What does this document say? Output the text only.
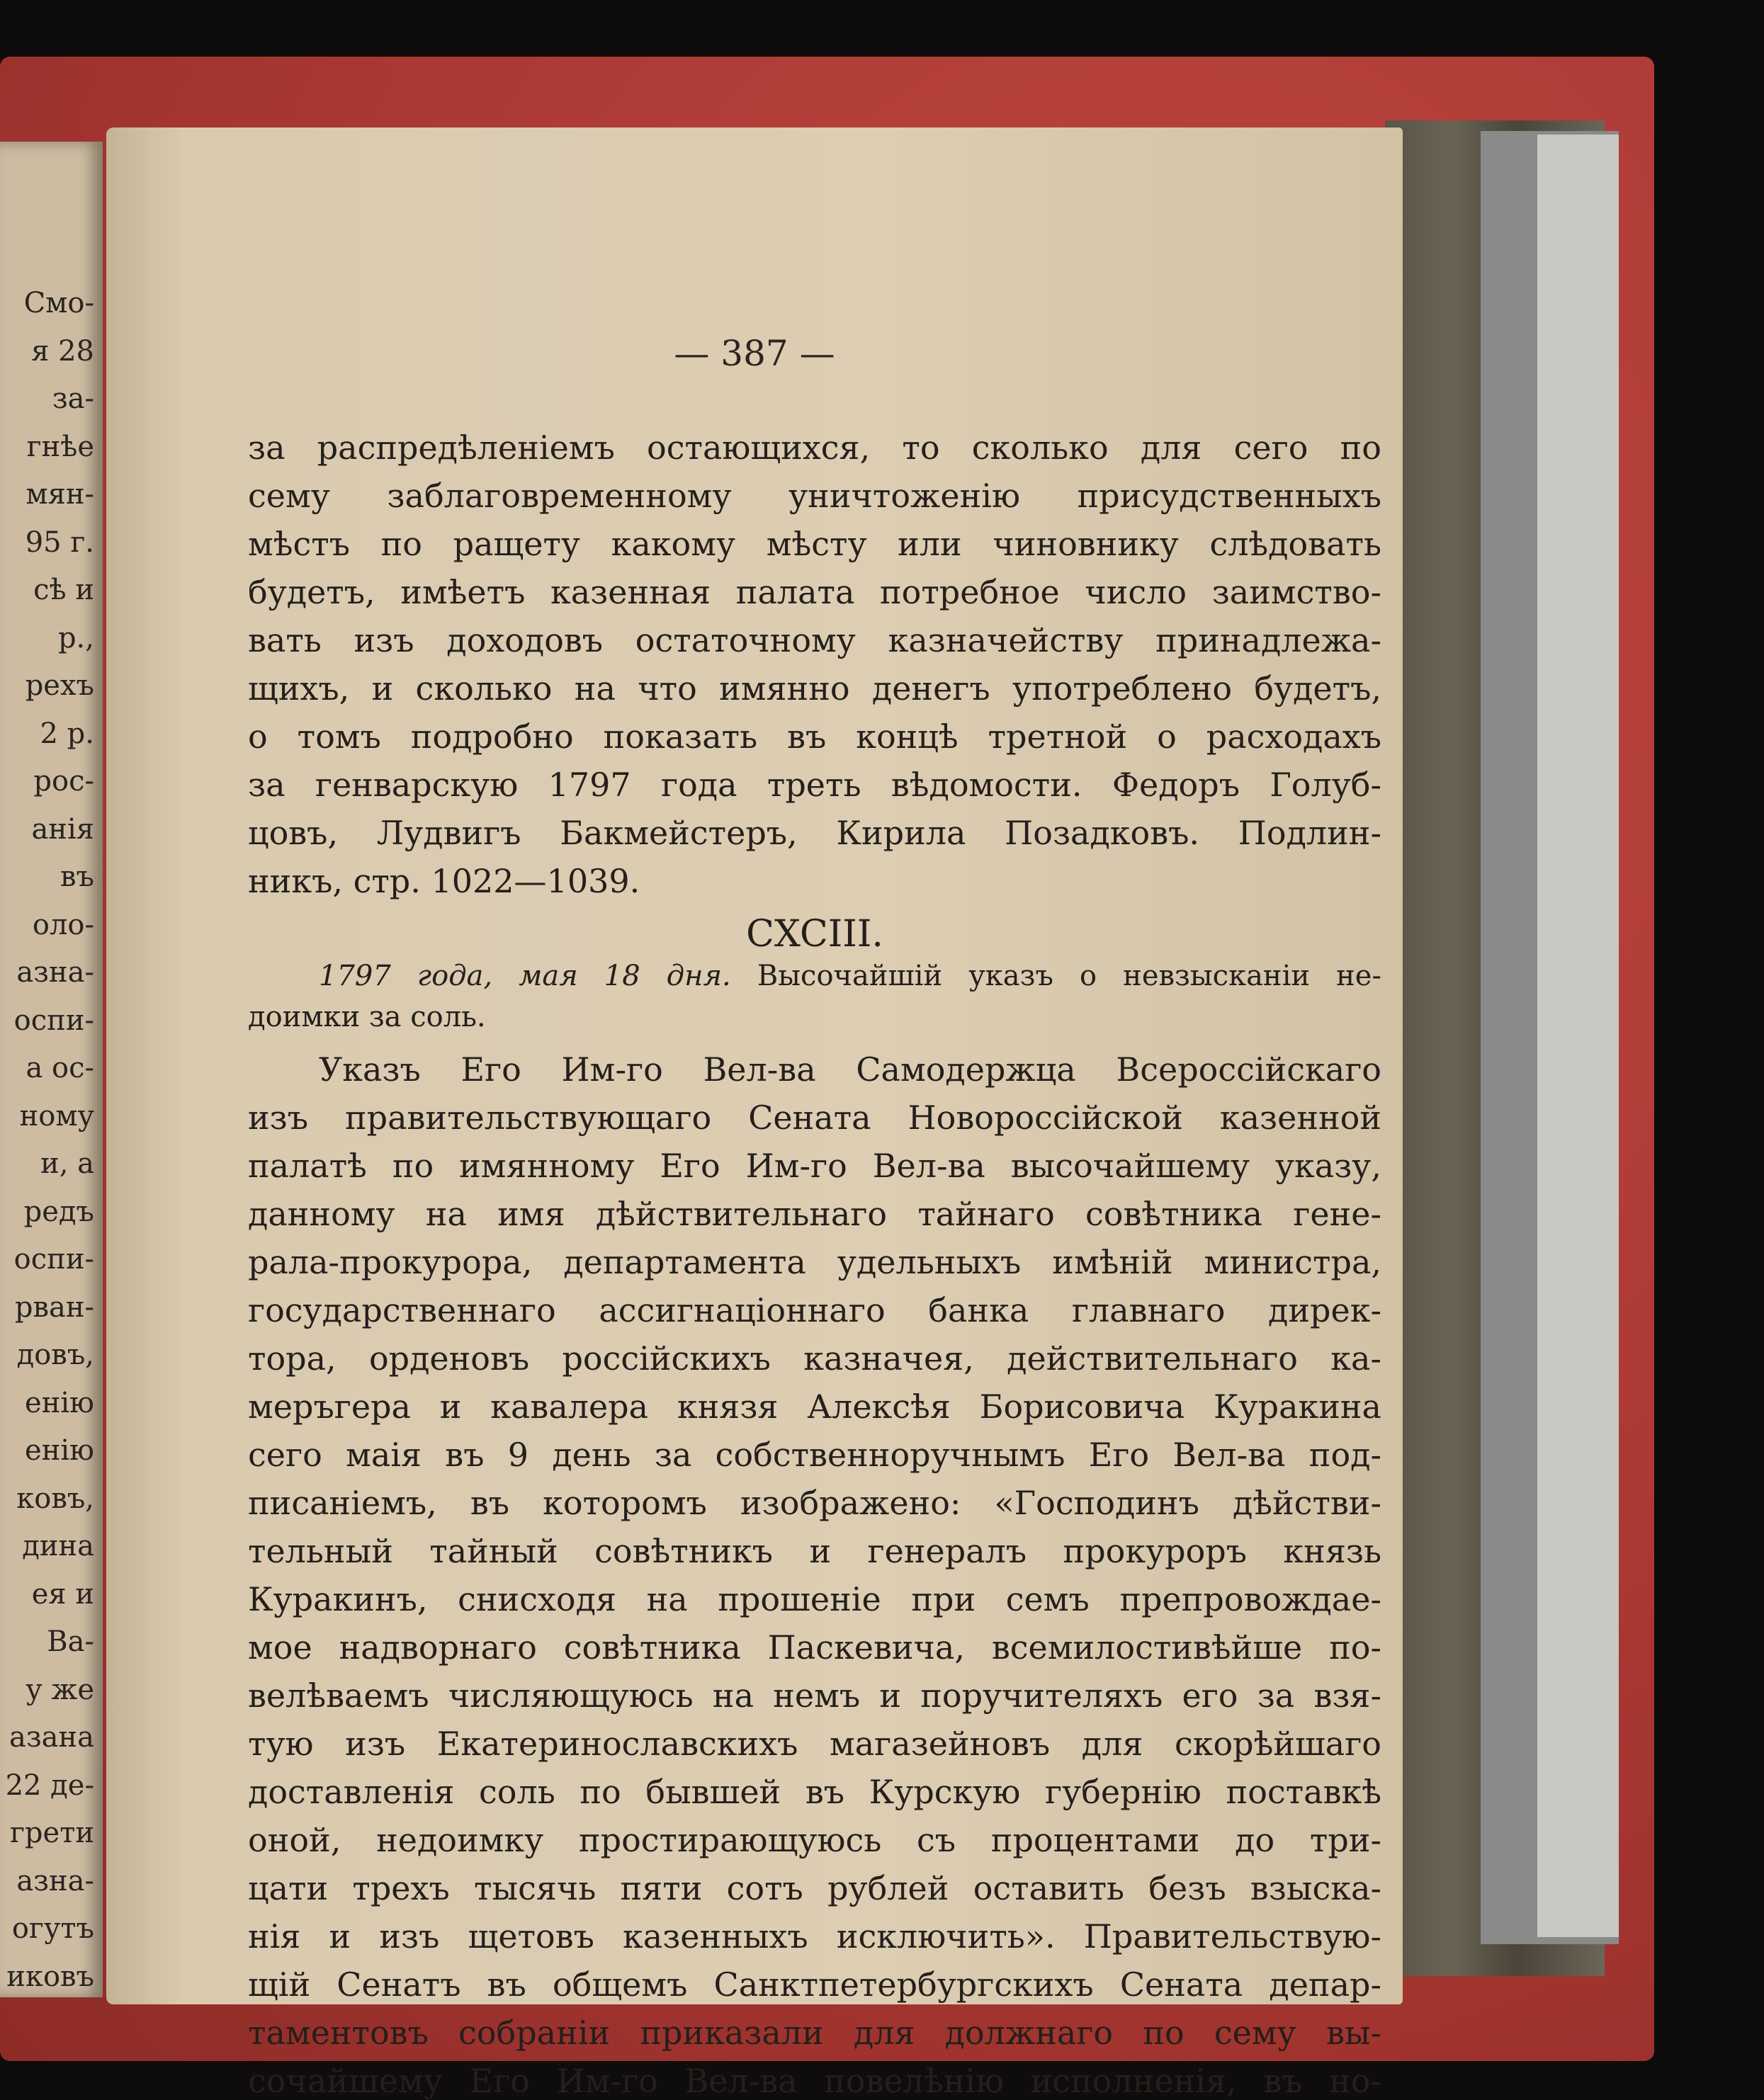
Смо-
я 28
за-
гнѣе
мян-
95 г.
сѣ и
р.,
рехъ
2 р.
рос-
анія
въ
оло-
азна-
оспи-
а ос-
ному
и, а
редъ
оспи-
рван-
довъ,
енію
енію
ковъ,
дина
ея и
Ва-
у же
азана
22 де-
грети
азна-
огутъ
иковъ
— 387 —
за распредѣленіемъ остающихся, то сколько для сего по
сему заблаговременному уничтоженію присудственныхъ
мѣстъ по ращету какому мѣсту или чиновнику слѣдовать
будетъ, имѣетъ казенная палата потребное число заимство-
вать изъ доходовъ остаточному казначейству принадлежа-
щихъ, и сколько на что имянно денегъ употреблено будетъ,
о томъ подробно показать въ концѣ третной о расходахъ
за генварскую 1797 года треть вѣдомости. Федоръ Голуб-
цовъ, Лудвигъ Бакмейстеръ, Кирила Позадковъ. Подлин-
никъ, стр. 1022—1039.
CXCIII.
1797 года, мая 18 дня. Высочайшій указъ о невзысканіи не-
доимки за соль.
Указъ Его Им-го Вел-ва Самодержца Всероссійскаго
изъ правительствующаго Сената Новороссійской казенной
палатѣ по имянному Его Им-го Вел-ва высочайшему указу,
данному на имя дѣйствительнаго тайнаго совѣтника гене-
рала-прокурора, департамента удельныхъ имѣній министра,
государственнаго ассигнаціоннаго банка главнаго дирек-
тора, орденовъ россійскихъ казначея, действительнаго ка-
меръгера и кавалера князя Алексѣя Борисовича Куракина
сего маія въ 9 день за собственноручнымъ Его Вел-ва под-
писаніемъ, въ которомъ изображено: «Господинъ дѣйстви-
тельный тайный совѣтникъ и генералъ прокуроръ князь
Куракинъ, снисходя на прошеніе при семъ препровождае-
мое надворнаго совѣтника Паскевича, всемилостивѣйше по-
велѣваемъ числяющуюсь на немъ и поручителяхъ его за взя-
тую изъ Екатеринославскихъ магазейновъ для скорѣйшаго
доставленія соль по бывшей въ Курскую губернію поставкѣ
оной, недоимку простирающуюсь съ процентами до три-
цати трехъ тысячь пяти сотъ рублей оставить безъ взыска-
нія и изъ щетовъ казенныхъ исключить». Правительствую-
щій Сенатъ въ общемъ Санктпетербургскихъ Сената депар-
таментовъ собраніи приказали для должнаго по сему вы-
сочайшему Его Им-го Вел-ва повелѣнію исполненія, въ но-
